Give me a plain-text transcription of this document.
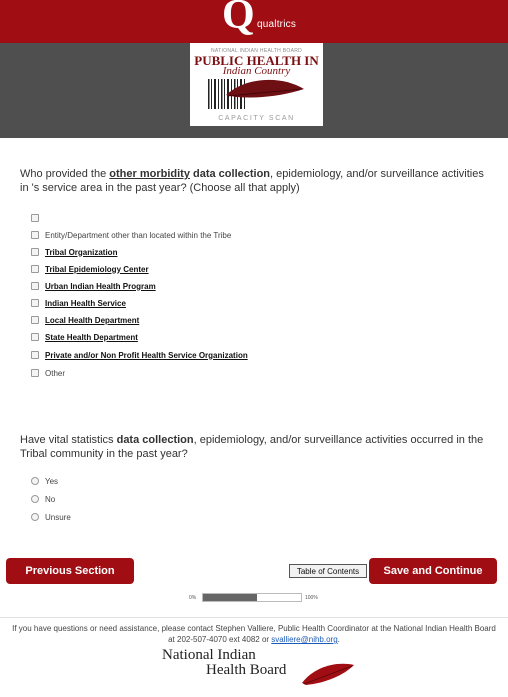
Q qualtrics
NATIONAL INDIAN HEALTH BOARD
PUBLIC HEALTH IN
Indian Country
CAPACITY SCAN
Who provided the other morbidity data collection, epidemiology, and/or surveillance activities in 's service area in the past year? (Choose all that apply)
Entity/Department other than located within the Tribe
Tribal Organization
Tribal Epidemiology Center
Urban Indian Health Program
Indian Health Service
Local Health Department
State Health Department
Private and/or Non Profit Health Service Organization
Other
Have vital statistics data collection, epidemiology, and/or surveillance activities occurred in the Tribal community in the past year?
Yes
No
Unsure
Previous Section	Table of Contents	Save and Continue
0%	100%
If you have questions or need assistance, please contact Stephen Valliere, Public Health Coordinator at the National Indian Health Board at 202-507-4070 ext 4082 or svalliere@nihb.org.
National Indian
Health Board
